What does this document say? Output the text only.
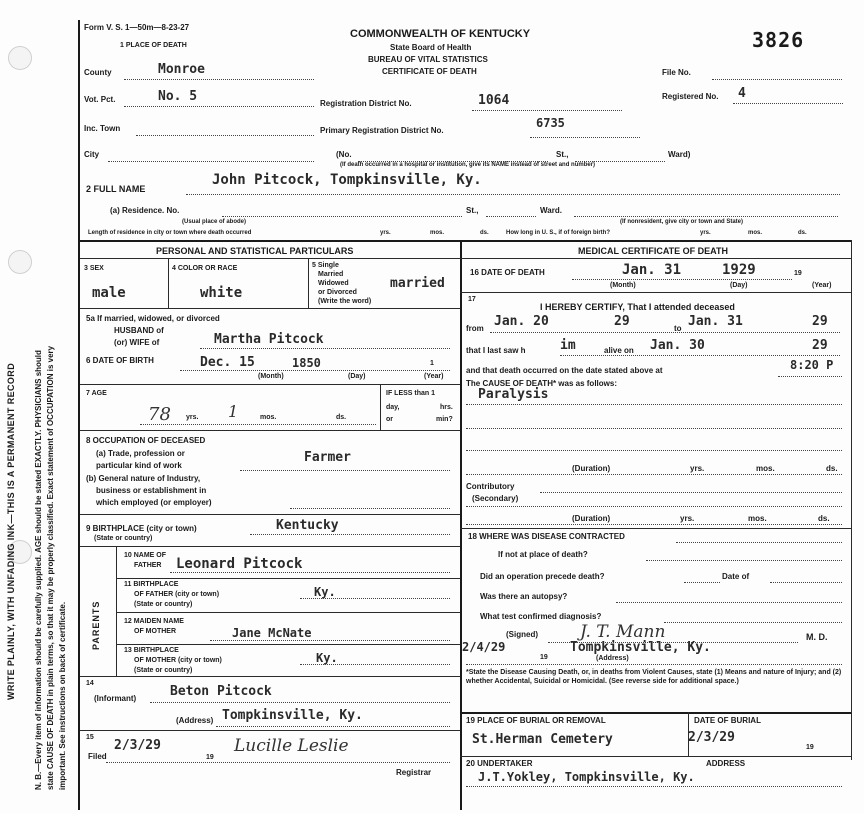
WRITE PLAINLY, WITH UNFADING INK—THIS IS A PERMANENT RECORD N. B.—Every item of information should be carefully supplied. AGE should be stated EXACTLY. PHYSICIANS should state CAUSE OF DEATH in plain terms, so that it may be properly classified. Exact statement of OCCUPATION is very important. See instructions on back of certificate.
Form V. S. 1—50m—8-23-27
1 PLACE OF DEATH
COMMONWEALTH OF KENTUCKY
State Board of Health
BUREAU OF VITAL STATISTICS
CERTIFICATE OF DEATH
3826
County	Monroe	File No.
Vot. Pct.	No. 5	Registration District No.	1064	Registered No. 4
Inc. Town	Primary Registration District No.
6735
City	(No.	St.,	Ward)
(If death occurred in a hospital or institution, give its NAME instead of street and number)
2 FULL NAME
John Pitcock, Tompkinsville, Ky.
(a) Residence. No.	St.,	Ward.
(Usual place of abode)	(If nonresident, give city or town and State)
Length of residence in city or town where death occurred	yrs.	mos.	ds.	How long in U. S., if of foreign birth?	yrs.	mos.	ds.
PERSONAL AND STATISTICAL PARTICULARS	MEDICAL CERTIFICATE OF DEATH
3 SEX
male
4 COLOR OR RACE
white
5 Single
Married
Widowed
or Divorced
(Write the word)
married
5a If married, widowed, or divorced
HUSBAND of
(or) WIFE of	Martha Pitcock
6 DATE OF BIRTH	Dec. 15	1850	1
(Month)	(Day)	(Year)
7 AGE
78 yrs. 1	mos.	ds.
IF LESS than 1
day,	hrs.
or	min?
8 OCCUPATION OF DECEASED
(a) Trade, profession or
particular kind of work
Farmer
(b) General nature of Industry,
business or establishment in
which employed (or employer)
9 BIRTHPLACE (city or town)	Kentucky
(State or country)
PARENTS
10 NAME OF
FATHER Leonard Pitcock
11 BIRTHPLACE
OF FATHER (city or town)
(State or country)
Ky.
12 MAIDEN NAME
OF MOTHER	Jane McNate
13 BIRTHPLACE
OF MOTHER (city or town)
(State or country)
Ky.
14
(Informant)	Beton Pitcock
(Address) Tompkinsville, Ky.
15
2/3/29
Filed	19
Lucille Leslie
Registrar
16 DATE OF DEATH	Jan. 31	1929	19
(Month)	(Day)	(Year)
17
I HEREBY CERTIFY, That I attended deceased
from Jan. 20	29	to Jan. 31	29
that I last saw h	im	alive on Jan. 30	29
and that death occurred on the date stated above at	8:20 P
The CAUSE OF DEATH* was as follows:
Paralysis
(Duration)	yrs.	mos.	ds.
Contributory
(Secondary)
(Duration)	yrs.	mos.	ds.
18 WHERE WAS DISEASE CONTRACTED
If not at place of death?
Did an operation precede death?	Date of
Was there an autopsy?
What test confirmed diagnosis?
(Signed) J. T. Mann	M. D.
2/4/29
19
Tompkinsville, Ky.
(Address)
*State the Disease Causing Death, or, in deaths from Violent Causes, state (1) Means and nature of Injury; and (2) whether Accidental, Suicidal or Homicidal. (See reverse side for additional space.)
19 PLACE OF BURIAL OR REMOVAL	DATE OF BURIAL
St.Herman Cemetery	2/3/29
19
20 UNDERTAKER	ADDRESS
J.T.Yokley, Tompkinsville, Ky.
